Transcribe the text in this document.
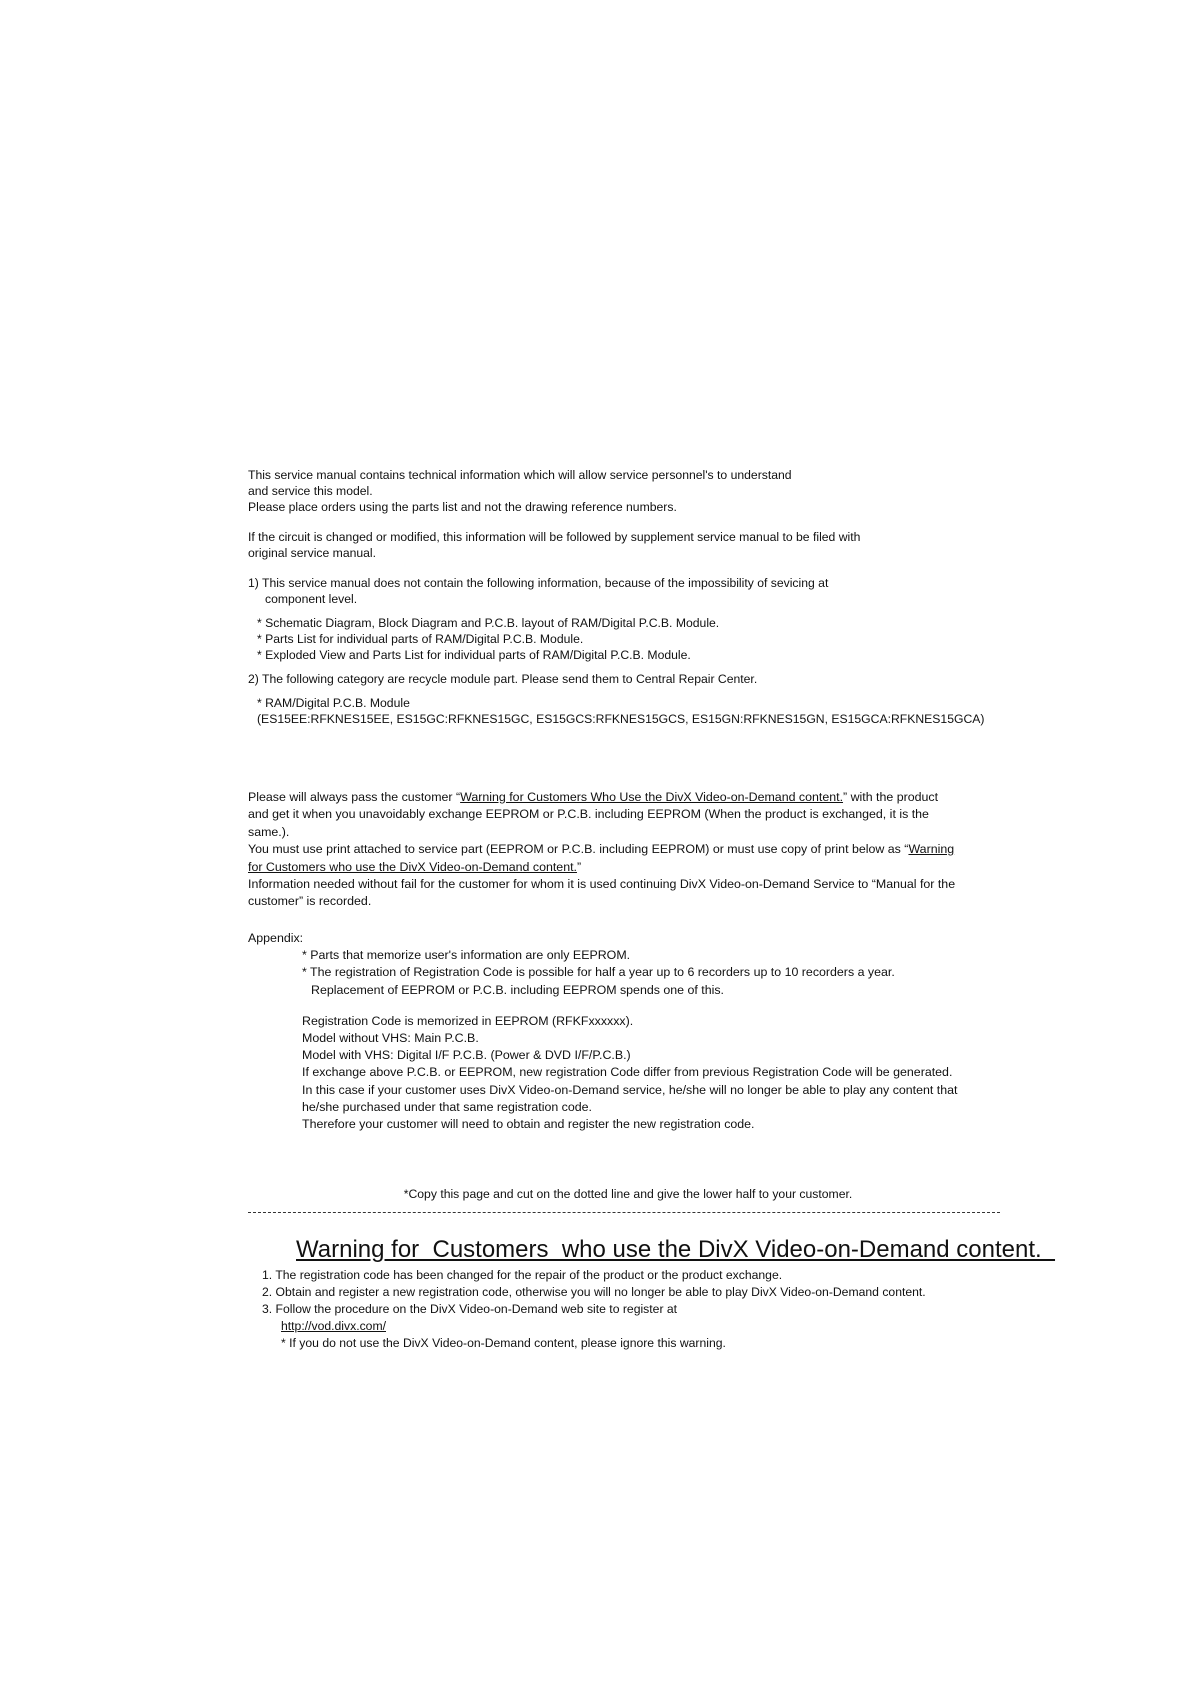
This service manual contains technical information which will allow service personnel's to understand

and service this model.

Please place orders using the parts list and not the drawing reference numbers.

If the circuit is changed or modified, this information will be followed by supplement service manual to be filed with

original service manual.

1) This service manual does not contain the following information, because of the impossibility of sevicing at

component level.

* Schematic Diagram, Block Diagram and P.C.B. layout of RAM/Digital P.C.B. Module.

* Parts List for individual parts of RAM/Digital P.C.B. Module.

* Exploded View and Parts List for individual parts of RAM/Digital P.C.B. Module.

2) The following category are recycle module part. Please send them to Central Repair Center.

* RAM/Digital P.C.B. Module

(ES15EE:RFKNES15EE, ES15GC:RFKNES15GC, ES15GCS:RFKNES15GCS, ES15GN:RFKNES15GN, ES15GCA:RFKNES15GCA)

Please will always pass the customer “Warning for Customers Who Use the DivX Video-on-Demand content.” with the product

and get it when you unavoidably exchange EEPROM or P.C.B. including EEPROM (When the product is exchanged, it is the

same.).

You must use print attached to service part (EEPROM or P.C.B. including EEPROM) or must use copy of print below as “Warning

for Customers who use the DivX Video-on-Demand content.”

Information needed without fail for the customer for whom it is used continuing DivX Video-on-Demand Service to “Manual for the

customer” is recorded.

Appendix:

* Parts that memorize user's information are only EEPROM.

* The registration of Registration Code is possible for half a year up to 6 recorders up to 10 recorders a year.

Replacement of EEPROM or P.C.B. including EEPROM spends one of this.

Registration Code is memorized in EEPROM (RFKFxxxxxx).

Model without VHS: Main P.C.B.

Model with VHS: Digital I/F P.C.B. (Power & DVD I/F/P.C.B.)

If exchange above P.C.B. or EEPROM, new registration Code differ from previous Registration Code will be generated.

In this case if your customer uses DivX Video-on-Demand service, he/she will no longer be able to play any content that

he/she purchased under that same registration code.

Therefore your customer will need to obtain and register the new registration code.

*Copy this page and cut on the dotted line and give the lower half to your customer.
Warning for  Customers  who use the DivX Video-on-Demand content.

1. The registration code has been changed for the repair of the product or the product exchange.

2. Obtain and register a new registration code, otherwise you will no longer be able to play DivX Video-on-Demand content.

3. Follow the procedure on the DivX Video-on-Demand web site to register at

http://vod.divx.com/

* If you do not use the DivX Video-on-Demand content, please ignore this warning.
